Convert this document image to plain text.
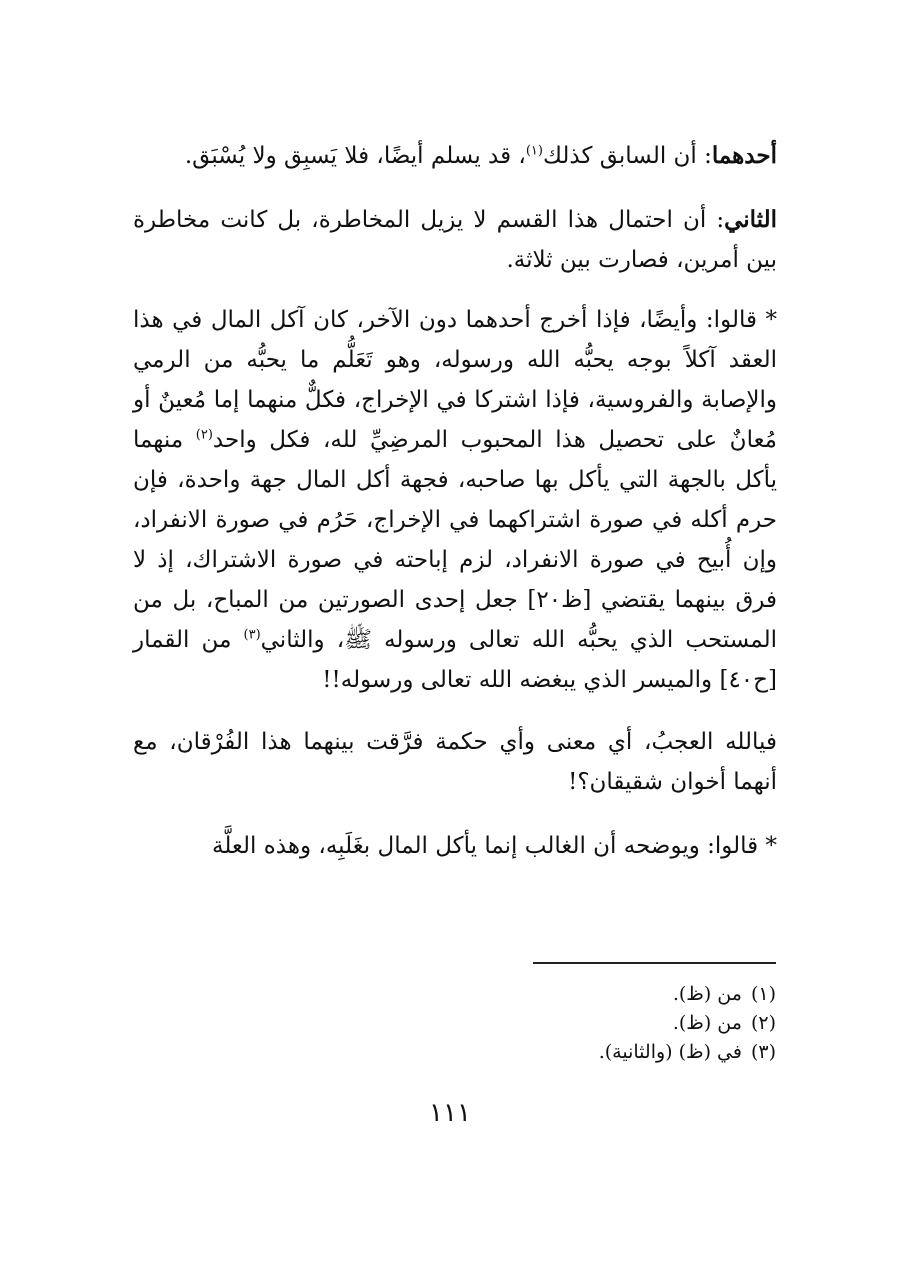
أحدهما: أن السابق كذلك$^{(١)}$، قد يسلم أيضًا، فلا يَسبِق ولا يُسْبَق.

الثاني: أن احتمال هذا القسم لا يزيل المخاطرة، بل كانت مخاطرة بين أمرين، فصارت بين ثلاثة.

* قالوا: وأيضًا، فإذا أخرج أحدهما دون الآخر، كان آكل المال في هذا العقد آكلاً بوجه يحبُّه الله ورسوله، وهو تَعَلُّم ما يحبُّه من الرمي والإصابة والفروسية، فإذا اشتركا في الإخراج، فكلٌّ منهما إما مُعينٌ أو مُعانٌ على تحصيل هذا المحبوب المرضِيِّ لله، فكل واحد$^{(٢)}$ منهما يأكل بالجهة التي يأكل بها صاحبه، فجهة أكل المال جهة واحدة، فإن حرم أكله في صورة اشتراكهما في الإخراج، حَرُم في صورة الانفراد، وإن أُبيح في صورة الانفراد، لزم إباحته في صورة الاشتراك، إذ لا فرق بينهما يقتضي [ظ٢٠] جعل إحدى الصورتين من المباح، بل من المستحب الذي يحبُّه الله تعالى ورسوله ﷺ، والثاني$^{(٣)}$ من القمار [ح٤٠] والميسر الذي يبغضه الله تعالى ورسوله!!

فيالله العجبُ، أي معنى وأي حكمة فرَّقت بينهما هذا الفُرْقان، مع أنهما أخوان شقيقان؟!

* قالوا: ويوضحه أن الغالب إنما يأكل المال بغَلَبِه، وهذه العلَّة

(١) من (ظ).
(٢) من (ظ).
(٣) في (ظ) (والثانية).
١١١
